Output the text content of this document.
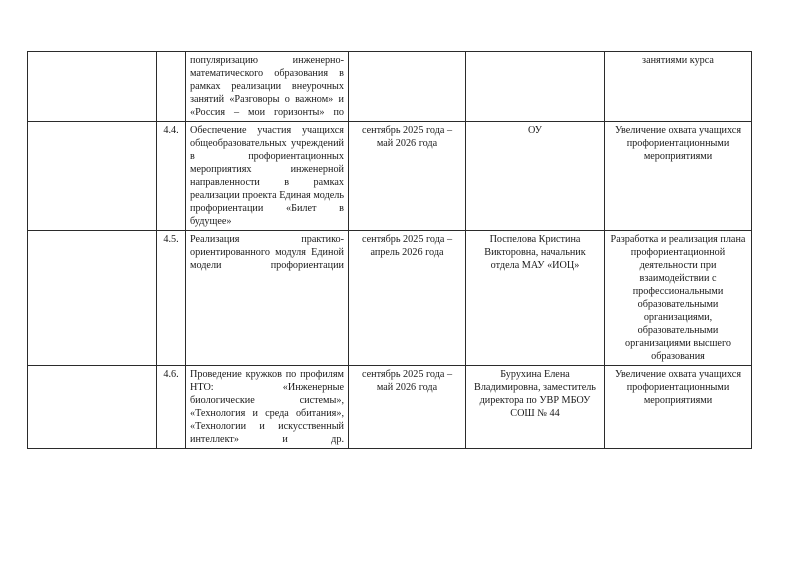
		популяризацию инженерно-математического образования в рамках реализации внеурочных занятий «Разговоры о важном» и «Россия – мои горизонты» по			занятиями курса
	4.4.	Обеспечение участия учащихся общеобразовательных учреждений в профориентационных мероприятиях инженерной направленности в рамках реализации проекта Единая модель профориентации «Билет в будущее»	сентябрь 2025 года – май 2026 года	ОУ	Увеличение охвата учащихся профориентационными мероприятиями
	4.5.	Реализация практико-ориентированного модуля Единой модели профориентации	сентябрь 2025 года – апрель 2026 года	Поспелова Кристина Викторовна, начальник отдела МАУ «ИОЦ»	Разработка и реализация плана профориентационной деятельности при взаимодействии с профессиональными образовательными организациями, образовательными организациями высшего образования
	4.6.	Проведение кружков по профилям НТО: «Инженерные биологические системы», «Технология и среда обитания», «Технологии и искусственный интеллект» и др.	сентябрь 2025 года – май 2026 года	Бурухина Елена Владимировна, заместитель директора по УВР МБОУ СОШ № 44	Увеличение охвата учащихся профориентационными мероприятиями
